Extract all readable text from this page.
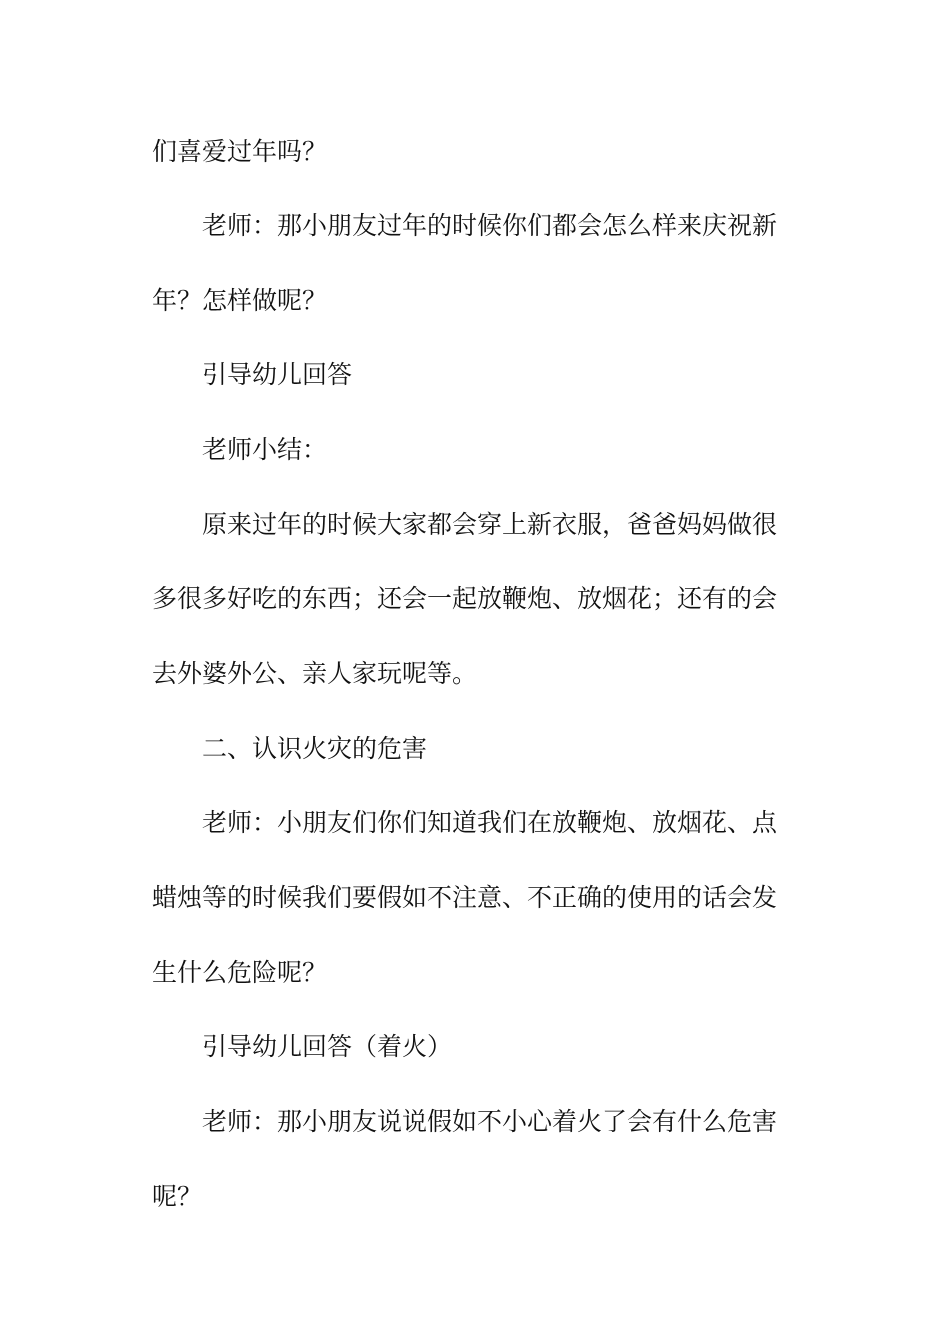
们喜爱过年吗？

老师：那小朋友过年的时候你们都会怎么样来庆祝新

年？怎样做呢？

引导幼儿回答

老师小结：

原来过年的时候大家都会穿上新衣服，爸爸妈妈做很

多很多好吃的东西；还会一起放鞭炮、放烟花；还有的会

去外婆外公、亲人家玩呢等。

二、认识火灾的危害

老师：小朋友们你们知道我们在放鞭炮、放烟花、点

蜡烛等的时候我们要假如不注意、不正确的使用的话会发

生什么危险呢？

引导幼儿回答（着火）

老师：那小朋友说说假如不小心着火了会有什么危害

呢？
